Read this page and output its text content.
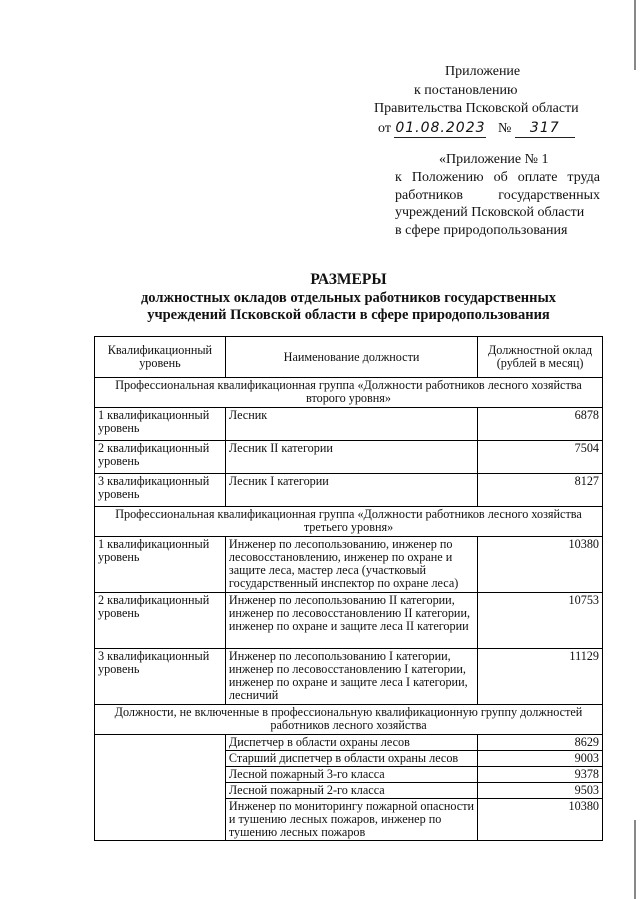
Приложение
к постановлению
Правительства Псковской области
от 01.08.2023 № 317
«Приложение № 1
к Положению об оплате труда
работников государственных
учреждений Псковской области
в сфере природопользования
РАЗМЕРЫ
должностных окладов отдельных работников государственных
учреждений Псковской области в сфере природопользования
Квалификационный уровень	Наименование должности	Должностной оклад (рублей в месяц)
Профессиональная квалификационная группа «Должности работников лесного хозяйства второго уровня»		
1 квалификационный уровень	Лесник	6878
2 квалификационный уровень	Лесник II категории	7504
3 квалификационный уровень	Лесник I категории	8127
Профессиональная квалификационная группа «Должности работников лесного хозяйства третьего уровня»		
1 квалификационный уровень	Инженер по лесопользованию, инженер по лесовосстановлению, инженер по охране и защите леса, мастер леса (участковый государственный инспектор по охране леса)	10380
2 квалификационный уровень	Инженер по лесопользованию II категории, инженер по лесовосстановлению II категории, инженер по охране и защите леса II категории	10753
3 квалификационный уровень	Инженер по лесопользованию I категории, инженер по лесовосстановлению I категории, инженер по охране и защите леса I категории, лесничий	11129
Должности, не включенные в профессиональную квалификационную группу должностей работников лесного хозяйства		
	Диспетчер в области охраны лесов	8629
	Старший диспетчер в области охраны лесов	9003
	Лесной пожарный 3-го класса	9378
	Лесной пожарный 2-го класса	9503
	Инженер по мониторингу пожарной опасности и тушению лесных пожаров, инженер по тушению лесных пожаров	10380
